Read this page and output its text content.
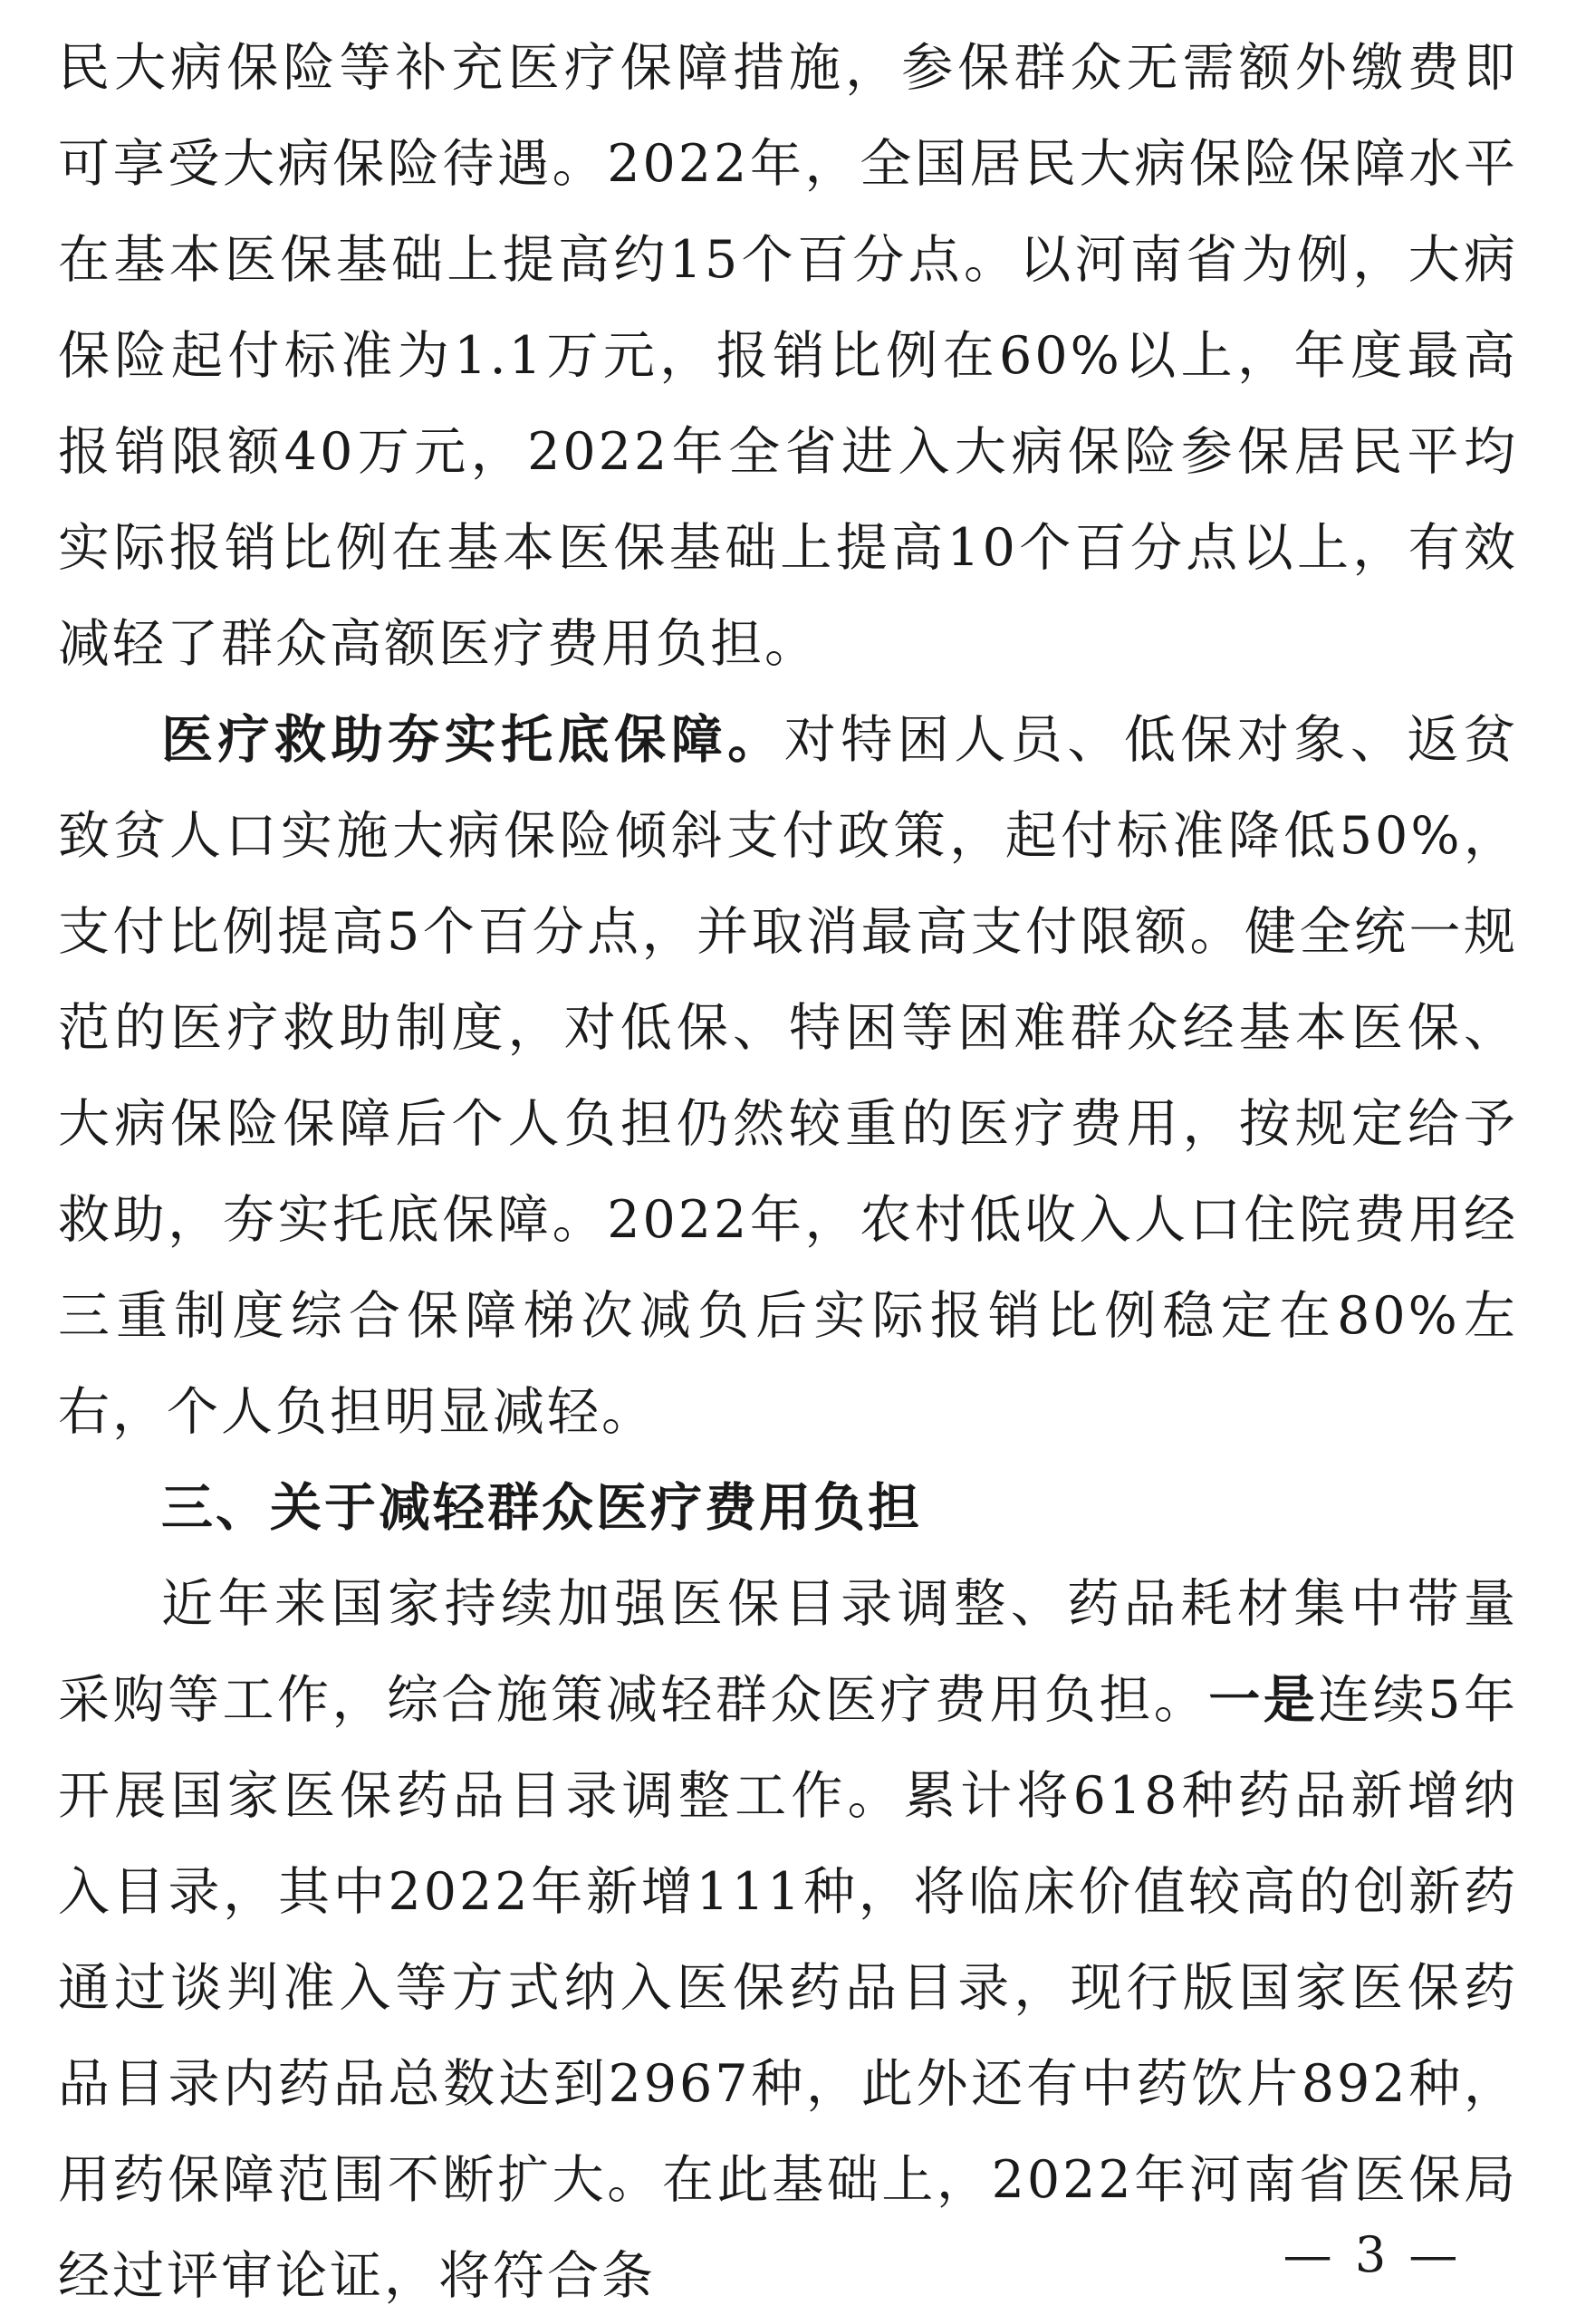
民大病保险等补充医疗保障措施，参保群众无需额外缴费即可享受大病保险待遇。2022年，全国居民大病保险保障水平在基本医保基础上提高约15个百分点。以河南省为例，大病保险起付标准为1.1万元，报销比例在60%以上，年度最高报销限额40万元，2022年全省进入大病保险参保居民平均实际报销比例在基本医保基础上提高10个百分点以上，有效减轻了群众高额医疗费用负担。

医疗救助夯实托底保障。对特困人员、低保对象、返贫致贫人口实施大病保险倾斜支付政策，起付标准降低50%，支付比例提高5个百分点，并取消最高支付限额。健全统一规范的医疗救助制度，对低保、特困等困难群众经基本医保、大病保险保障后个人负担仍然较重的医疗费用，按规定给予救助，夯实托底保障。2022年，农村低收入人口住院费用经三重制度综合保障梯次减负后实际报销比例稳定在80%左右，个人负担明显减轻。

三、关于减轻群众医疗费用负担

近年来国家持续加强医保目录调整、药品耗材集中带量采购等工作，综合施策减轻群众医疗费用负担。一是连续5年开展国家医保药品目录调整工作。累计将618种药品新增纳入目录，其中2022年新增111种，将临床价值较高的创新药通过谈判准入等方式纳入医保药品目录，现行版国家医保药品目录内药品总数达到2967种，此外还有中药饮片892种，用药保障范围不断扩大。在此基础上，2022年河南省医保局经过评审论证，将符合条	— 3 —
